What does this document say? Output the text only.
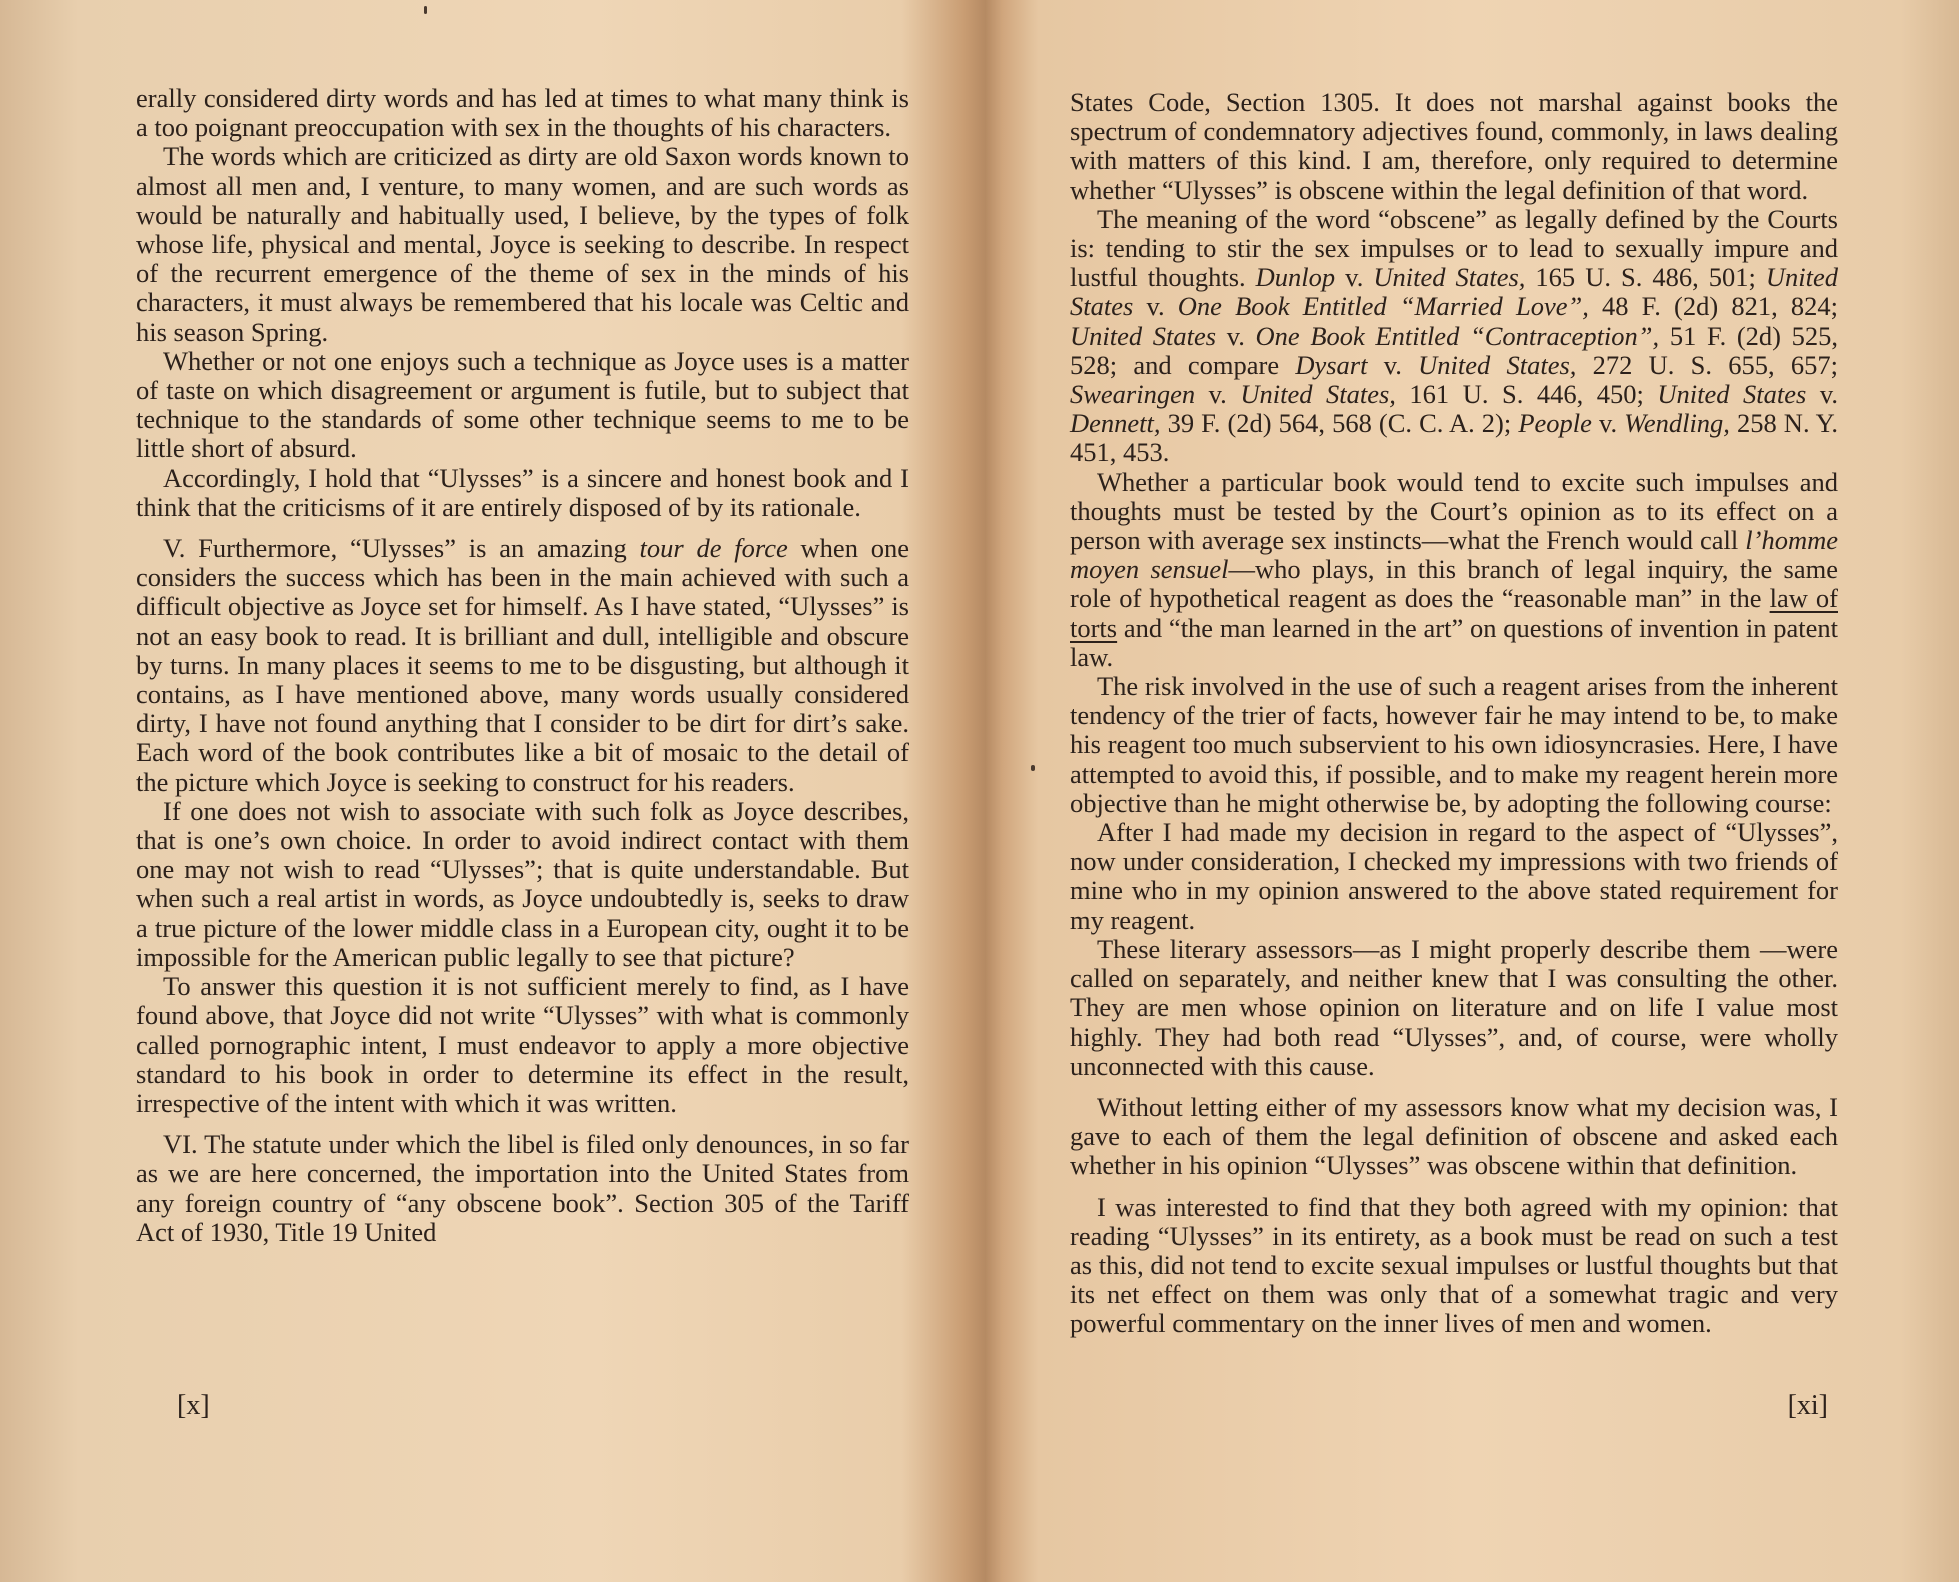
erally considered dirty words and has led at times to what many think is a too poignant preoccupation with sex in the thoughts of his characters.

The words which are criticized as dirty are old Saxon words known to almost all men and, I venture, to many women, and are such words as would be naturally and habitually used, I believe, by the types of folk whose life, physical and mental, Joyce is seeking to describe. In respect of the recurrent emergence of the theme of sex in the minds of his characters, it must always be remembered that his locale was Celtic and his season Spring.

Whether or not one enjoys such a technique as Joyce uses is a matter of taste on which disagreement or argument is futile, but to subject that technique to the standards of some other technique seems to me to be little short of absurd.

Accordingly, I hold that “Ulysses” is a sincere and honest book and I think that the criticisms of it are entirely disposed of by its rationale.

V. Furthermore, “Ulysses” is an amazing tour de force when one considers the success which has been in the main achieved with such a difficult objective as Joyce set for himself. As I have stated, “Ulysses” is not an easy book to read. It is brilliant and dull, intelligible and obscure by turns. In many places it seems to me to be disgusting, but although it contains, as I have mentioned above, many words usually considered dirty, I have not found anything that I consider to be dirt for dirt’s sake. Each word of the book contributes like a bit of mosaic to the detail of the picture which Joyce is seeking to construct for his readers.

If one does not wish to associate with such folk as Joyce describes, that is one’s own choice. In order to avoid indirect contact with them one may not wish to read “Ulysses”; that is quite understandable. But when such a real artist in words, as Joyce undoubtedly is, seeks to draw a true picture of the lower middle class in a European city, ought it to be impossible for the American public legally to see that picture?

To answer this question it is not sufficient merely to find, as I have found above, that Joyce did not write “Ulysses” with what is commonly called pornographic intent, I must endeavor to apply a more objective standard to his book in order to determine its effect in the result, irrespective of the intent with which it was written.

VI. The statute under which the libel is filed only denounces, in so far as we are here concerned, the importation into the United States from any foreign country of “any obscene book”. Section 305 of the Tariff Act of 1930, Title 19 United

[x]

States Code, Section 1305. It does not marshal against books the spectrum of condemnatory adjectives found, commonly, in laws dealing with matters of this kind. I am, therefore, only required to determine whether “Ulysses” is obscene within the legal definition of that word.

The meaning of the word “obscene” as legally defined by the Courts is: tending to stir the sex impulses or to lead to sexually impure and lustful thoughts. Dunlop v. United States, 165 U. S. 486, 501; United States v. One Book Entitled “Married Love”, 48 F. (2d) 821, 824; United States v. One Book Entitled “Contraception”, 51 F. (2d) 525, 528; and compare Dysart v. United States, 272 U. S. 655, 657; Swearingen v. United States, 161 U. S. 446, 450; United States v. Dennett, 39 F. (2d) 564, 568 (C. C. A. 2); People v. Wendling, 258 N. Y. 451, 453.

Whether a particular book would tend to excite such impulses and thoughts must be tested by the Court’s opinion as to its effect on a person with average sex instincts—what the French would call l’homme moyen sensuel—who plays, in this branch of legal inquiry, the same role of hypothetical reagent as does the “reasonable man” in the law of torts and “the man learned in the art” on questions of invention in patent law.

The risk involved in the use of such a reagent arises from the inherent tendency of the trier of facts, however fair he may intend to be, to make his reagent too much subservient to his own idiosyncrasies. Here, I have attempted to avoid this, if possible, and to make my reagent herein more objective than he might otherwise be, by adopting the following course:

After I had made my decision in regard to the aspect of “Ulysses”, now under consideration, I checked my impressions with two friends of mine who in my opinion answered to the above stated requirement for my reagent.

These literary assessors—as I might properly describe them —were called on separately, and neither knew that I was consulting the other. They are men whose opinion on literature and on life I value most highly. They had both read “Ulysses”, and, of course, were wholly unconnected with this cause.

Without letting either of my assessors know what my decision was, I gave to each of them the legal definition of obscene and asked each whether in his opinion “Ulysses” was obscene within that definition.

I was interested to find that they both agreed with my opinion: that reading “Ulysses” in its entirety, as a book must be read on such a test as this, did not tend to excite sexual impulses or lustful thoughts but that its net effect on them was only that of a somewhat tragic and very powerful commentary on the inner lives of men and women.

[xi]
